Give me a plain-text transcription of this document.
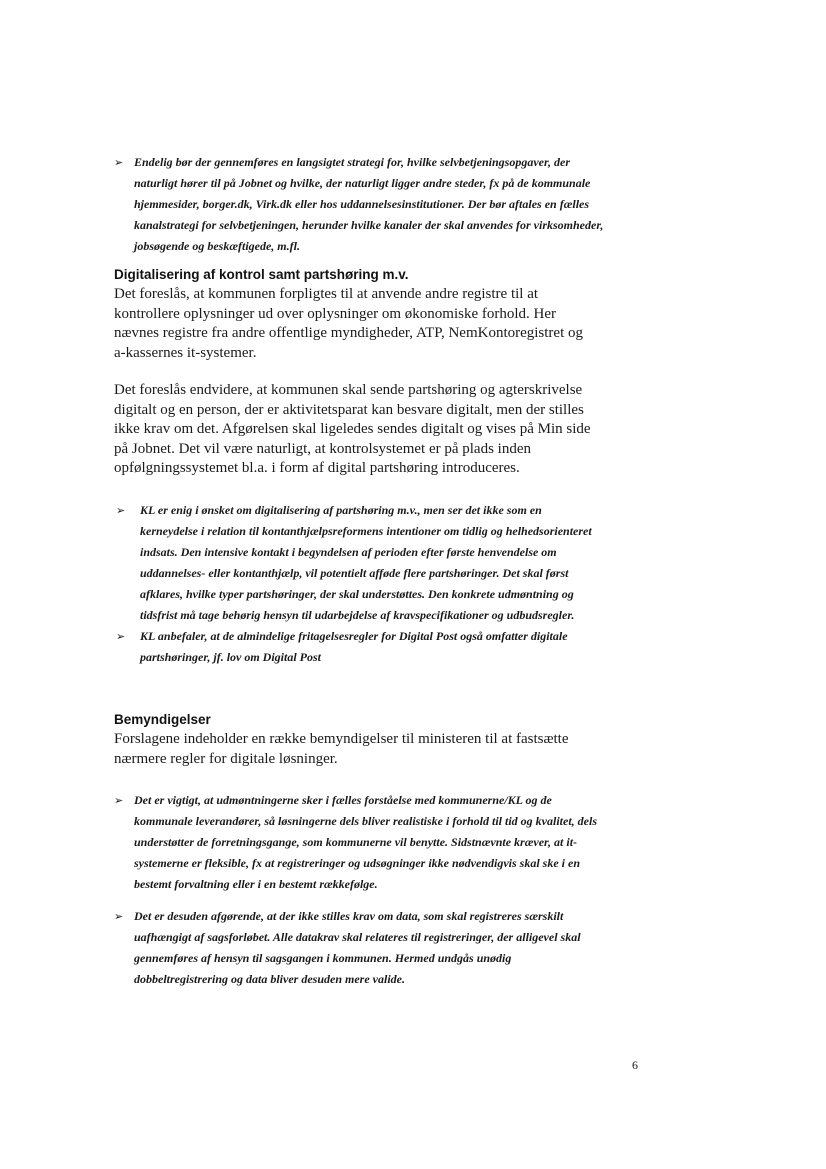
➢ Endelig bør der gennemføres en langsigtet strategi for, hvilke selvbetjeningsopgaver, der naturligt hører til på Jobnet og hvilke, der naturligt ligger andre steder, fx på de kommunale hjemmesider, borger.dk, Virk.dk eller hos uddannelsesinstitutioner. Der bør aftales en fælles kanalstrategi for selvbetjeningen, herunder hvilke kanaler der skal anvendes for virksomheder, jobsøgende og beskæftigede, m.fl.
Digitalisering af kontrol samt partshøring m.v.

Det foreslås, at kommunen forpligtes til at anvende andre registre til at kontrollere oplysninger ud over oplysninger om økonomiske forhold. Her nævnes registre fra andre offentlige myndigheder, ATP, NemKontoregistret og a-kassernes it-systemer.

Det foreslås endvidere, at kommunen skal sende partshøring og agterskrivelse digitalt og en person, der er aktivitetsparat kan besvare digitalt, men der stilles ikke krav om det. Afgørelsen skal ligeledes sendes digitalt og vises på Min side på Jobnet. Det vil være naturligt, at kontrolsystemet er på plads inden opfølgningssystemet bl.a. i form af digital partshøring introduceres.

➢ KL er enig i ønsket om digitalisering af partshøring m.v., men ser det ikke som en kerneydelse i relation til kontanthjælpsreformens intentioner om tidlig og helhedsorienteret indsats. Den intensive kontakt i begyndelsen af perioden efter første henvendelse om uddannelses- eller kontanthjælp, vil potentielt afføde flere partshøringer. Det skal først afklares, hvilke typer partshøringer, der skal understøttes. Den konkrete udmøntning og tidsfrist må tage behørig hensyn til udarbejdelse af kravspecifikationer og udbudsregler.
➢ KL anbefaler, at de almindelige fritagelsesregler for Digital Post også omfatter digitale partshøringer, jf. lov om Digital Post
Bemyndigelser

Forslagene indeholder en række bemyndigelser til ministeren til at fastsætte nærmere regler for digitale løsninger.

➢ Det er vigtigt, at udmøntningerne sker i fælles forståelse med kommunerne/KL og de kommunale leverandører, så løsningerne dels bliver realistiske i forhold til tid og kvalitet, dels understøtter de forretningsgange, som kommunerne vil benytte. Sidstnævnte kræver, at it-systemerne er fleksible, fx at registreringer og udsøgninger ikke nødvendigvis skal ske i en bestemt forvaltning eller i en bestemt rækkefølge.
➢ Det er desuden afgørende, at der ikke stilles krav om data, som skal registreres særskilt uafhængigt af sagsforløbet. Alle datakrav skal relateres til registreringer, der alligevel skal gennemføres af hensyn til sagsgangen i kommunen. Hermed undgås unødig dobbeltregistrering og data bliver desuden mere valide.
6
